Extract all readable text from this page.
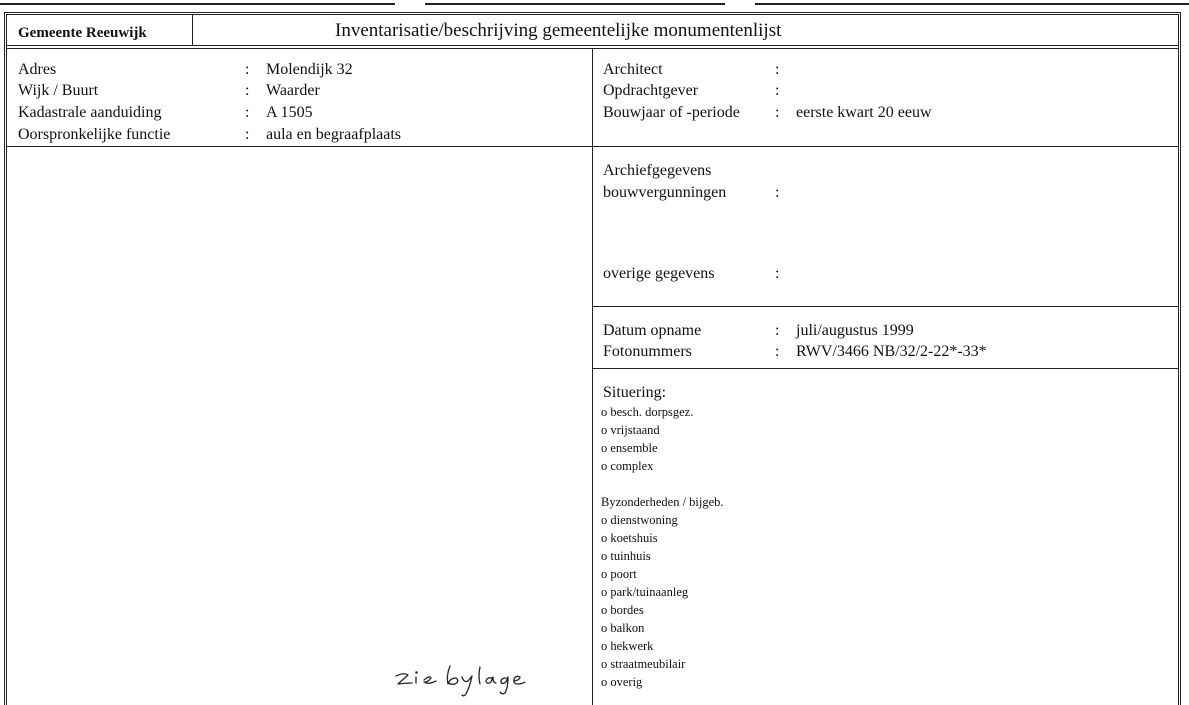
Gemeente Reeuwijk	Inventarisatie/beschrijving gemeentelijke monumentenlijst
Adres	: Molendijk 32
Wijk / Buurt	: Waarder
Kadastrale aanduiding	: A 1505
Oorspronkelijke functie	: aula en begraafplaats
Architect	:
Opdrachtgever	:
Bouwjaar of -periode : eerste kwart 20 eeuw
Archiefgegevens
bouwvergunningen	:
overige gegevens	:
Datum opname	: juli/augustus 1999
Fotonummers	: RWV/3466 NB/32/2-22*-33*
Situering:
o besch. dorpsgez.
o vrijstaand
o ensemble
o complex
Byzonderheden / bijgeb.
o dienstwoning
o koetshuis
o tuinhuis
o poort
o park/tuinaanleg
o bordes
o balkon
o hekwerk
o straatmeubilair
o overig
